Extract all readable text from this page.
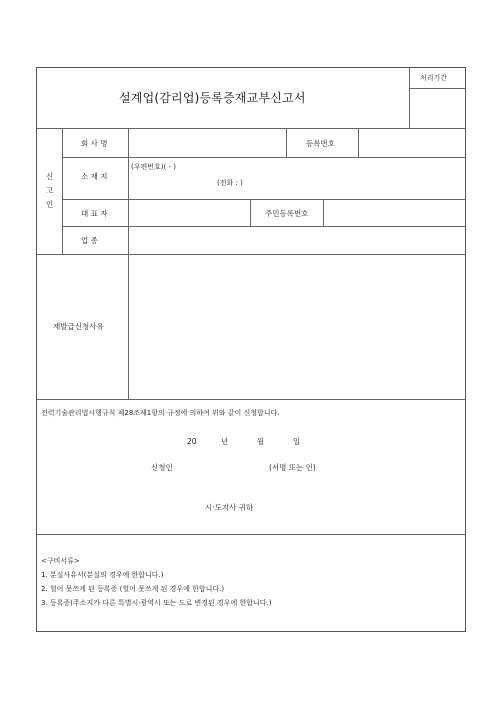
처리기간
설계업(감리업)등록증재교부신고서
신
고
인
회 사 명	등록번호
소 재 지
(우편번호)( - )
(전화 : )
대 표 자	주민등록번호
업 종
재발급신청사유
전력기술관리법시행규칙 제28조제1항의 규정에 의하여 위와 같이 신청합니다.
20	년	월	일
신청인	(서명 또는 인)
시·도지사 귀하
<구비서류>
1. 분실사유서(분실의 경우에 한합니다.)
2. 헐어 못쓰게 된 등록증 (헐어 못쓰게 된 경우에 한합니다.)
3. 등록증(주소지가 다른 특별시·광역시 또는 도로 변경된 경우에 한합니다.)
